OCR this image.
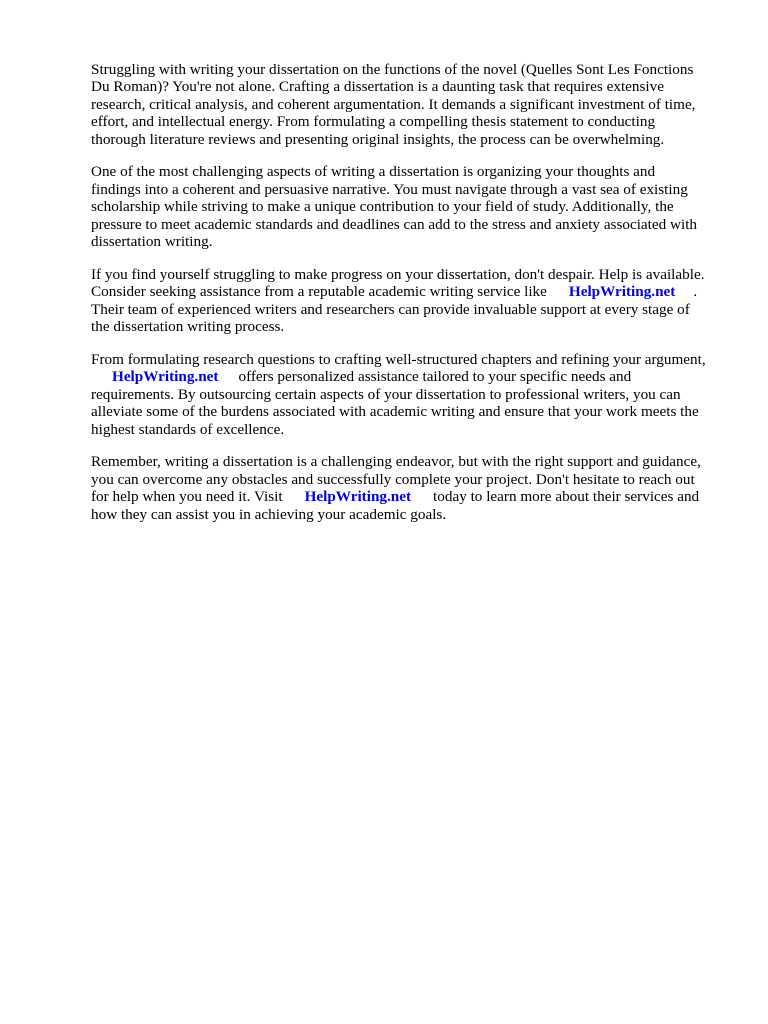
Struggling with writing your dissertation on the functions of the novel (Quelles Sont Les Fonctions
Du Roman)? You're not alone. Crafting a dissertation is a daunting task that requires extensive
research, critical analysis, and coherent argumentation. It demands a significant investment of time,
effort, and intellectual energy. From formulating a compelling thesis statement to conducting
thorough literature reviews and presenting original insights, the process can be overwhelming.

One of the most challenging aspects of writing a dissertation is organizing your thoughts and
findings into a coherent and persuasive narrative. You must navigate through a vast sea of existing
scholarship while striving to make a unique contribution to your field of study. Additionally, the
pressure to meet academic standards and deadlines can add to the stress and anxiety associated with
dissertation writing.

If you find yourself struggling to make progress on your dissertation, don't despair. Help is available.
Consider seeking assistance from a reputable academic writing service like HelpWriting.net .
Their team of experienced writers and researchers can provide invaluable support at every stage of
the dissertation writing process.

From formulating research questions to crafting well-structured chapters and refining your argument,
HelpWriting.net offers personalized assistance tailored to your specific needs and
requirements. By outsourcing certain aspects of your dissertation to professional writers, you can
alleviate some of the burdens associated with academic writing and ensure that your work meets the
highest standards of excellence.

Remember, writing a dissertation is a challenging endeavor, but with the right support and guidance,
you can overcome any obstacles and successfully complete your project. Don't hesitate to reach out
for help when you need it. Visit HelpWriting.net today to learn more about their services and
how they can assist you in achieving your academic goals.
